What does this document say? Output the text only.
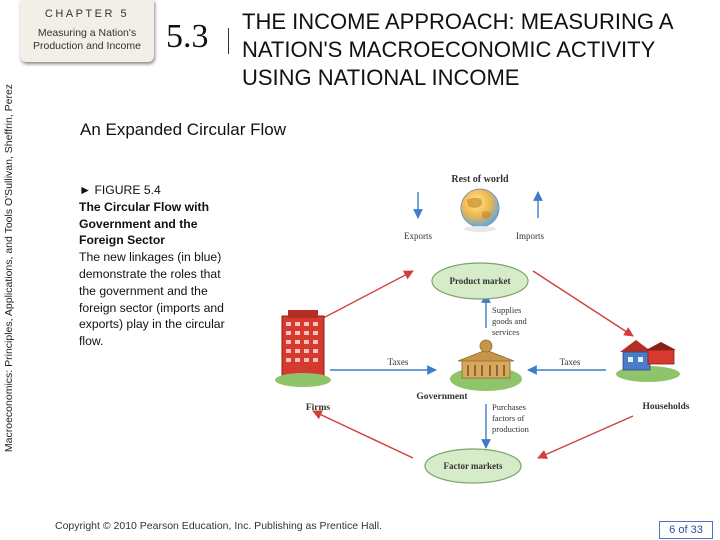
Macroeconomics: Principles, Applications, and Tools O'Sullivan, Sheffrin, Perez
CHAPTER 5
Measuring a Nation's
Production and Income 5.3 THE INCOME APPROACH: MEASURING A
NATION'S MACROECONOMIC ACTIVITY
USING NATIONAL INCOME
An Expanded Circular Flow
► FIGURE 5.4
The Circular Flow with
Government and the
Foreign Sector
The new linkages (in blue)
demonstrate the roles that
the government and the
foreign sector (imports and
exports) play in the circular
flow.
Rest of world
Exports	Imports
Product market
Supplies
goods and
services
Firms
Taxes	Taxes
Government
Households
Purchases
factors of
production
Factor markets
Copyright © 2010 Pearson Education, Inc. Publishing as Prentice Hall.	6 of 33
